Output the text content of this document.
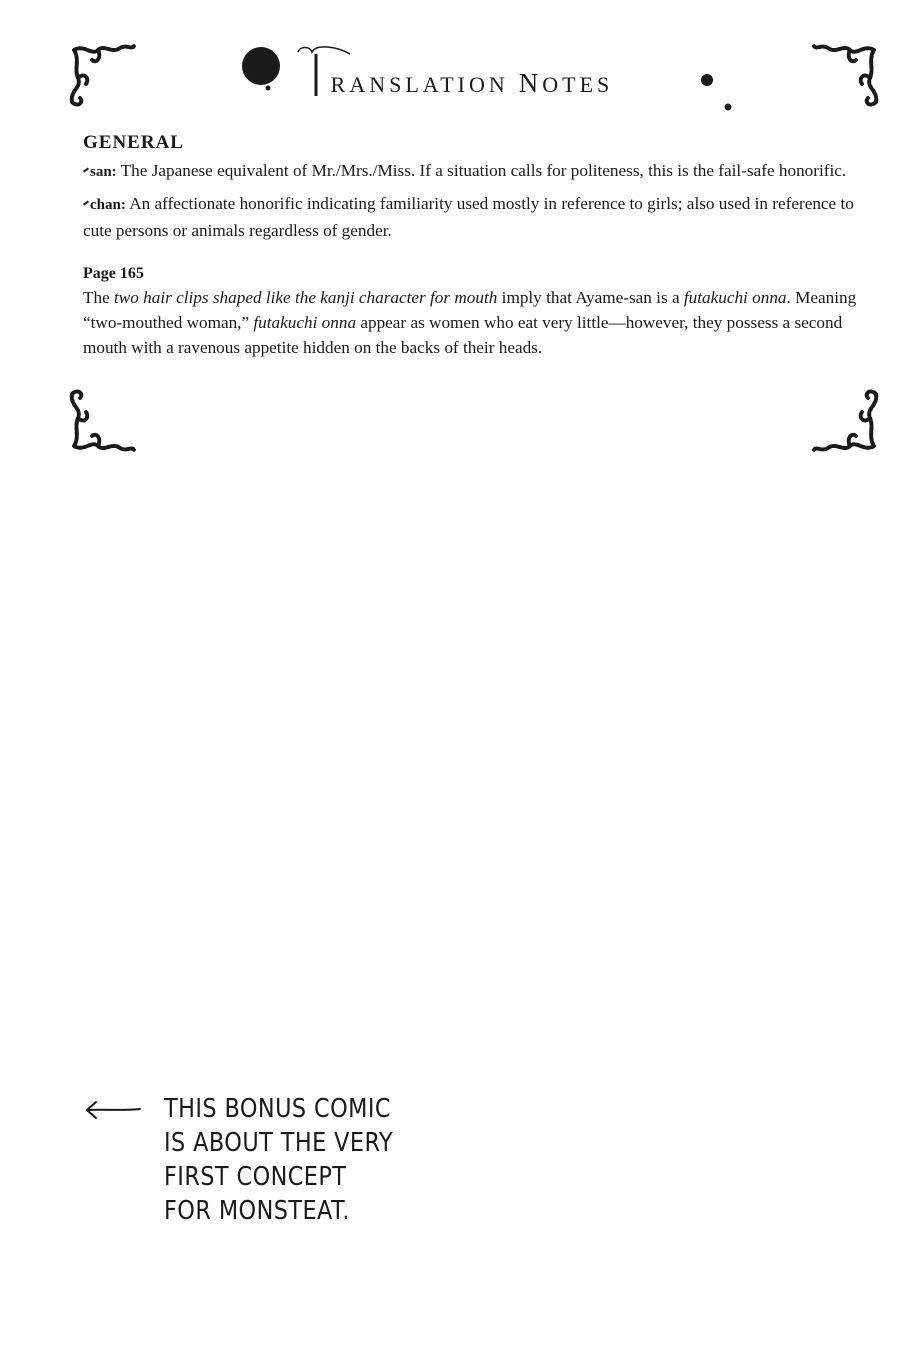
RANSLATION NOTES
GENERAL

san: The Japanese equivalent of Mr./Mrs./Miss. If a situation calls for politeness, this is the fail-safe honorific.

chan: An affectionate honorific indicating familiarity used mostly in reference to girls; also used in reference to cute persons or animals regardless of gender.

Page 165

The two hair clips shaped like the kanji character for mouth imply that Ayame-san is a futakuchi onna. Meaning “two-mouthed woman,” futakuchi onna appear as women who eat very little—however, they possess a second mouth with a ravenous appetite hidden on the backs of their heads.

THIS BONUS COMIC
IS ABOUT THE VERY
FIRST CONCEPT
FOR MONSTEAT.
